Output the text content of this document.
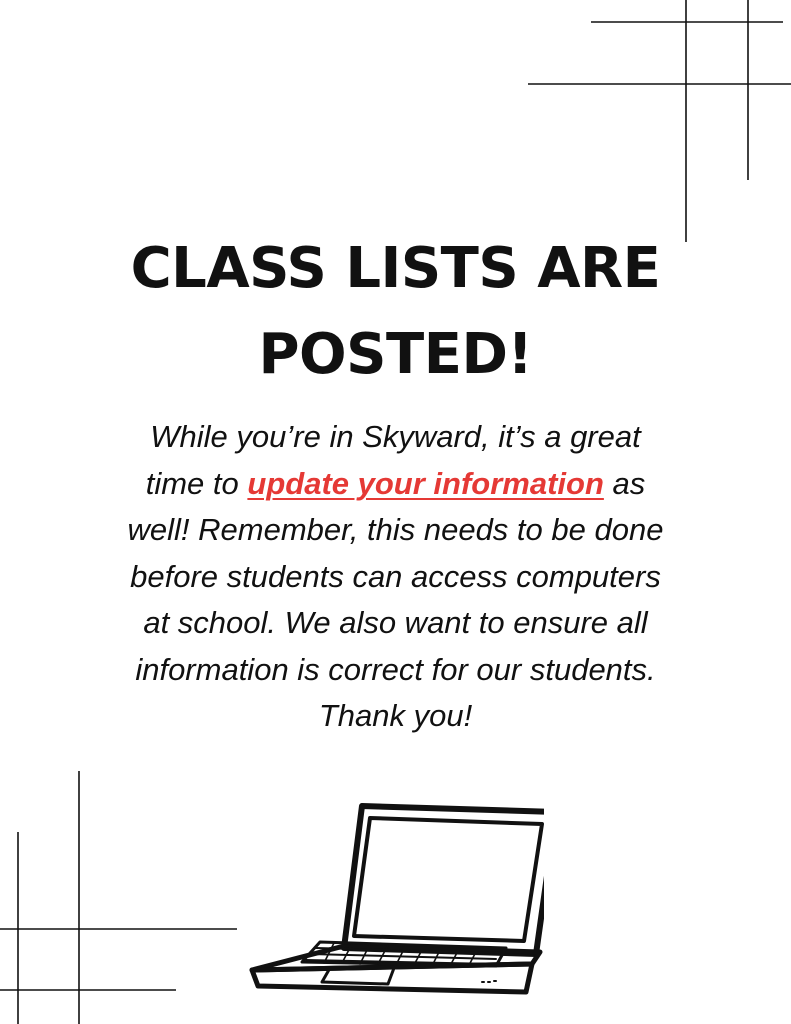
CLASS LISTS ARE
POSTED!

While you’re in Skyward, it’s a great
time to update your information as
well! Remember, this needs to be done
before students can access computers
at school. We also want to ensure all
information is correct for our students.
Thank you!
